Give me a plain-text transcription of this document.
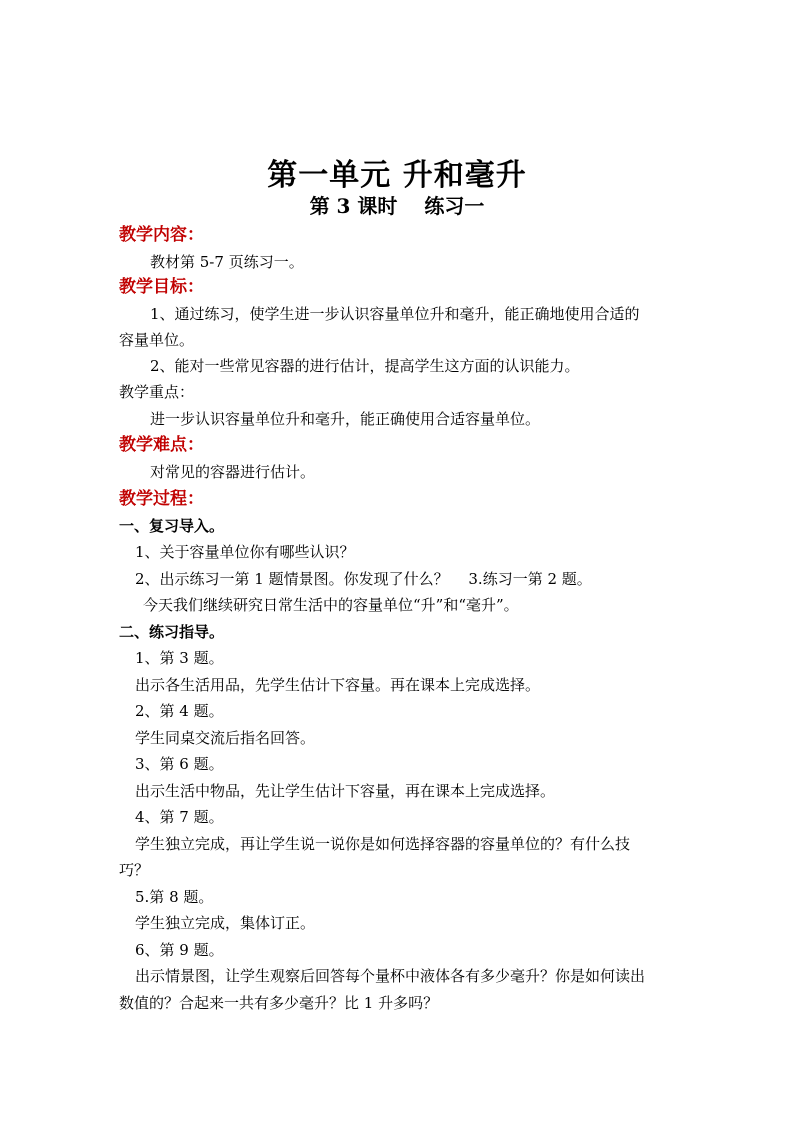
第一单元 升和毫升
第 3 课时　 练习一
教学内容：
教材第 5-7 页练习一。
教学目标：
1、通过练习，使学生进一步认识容量单位升和毫升，能正确地使用合适的
容量单位。
2、能对一些常见容器的进行估计，提高学生这方面的认识能力。
教学重点：
进一步认识容量单位升和毫升，能正确使用合适容量单位。
教学难点：
对常见的容器进行估计。
教学过程：
一、复习导入。
1、关于容量单位你有哪些认识？
2、出示练习一第 1 题情景图。你发现了什么？　 3.练习一第 2 题。
今天我们继续研究日常生活中的容量单位“升”和“毫升”。
二、练习指导。
1、第 3 题。
出示各生活用品，先学生估计下容量。再在课本上完成选择。
2、第 4 题。
学生同桌交流后指名回答。
3、第 6 题。
出示生活中物品，先让学生估计下容量，再在课本上完成选择。
4、第 7 题。
学生独立完成，再让学生说一说你是如何选择容器的容量单位的？有什么技
巧？
5.第 8 题。
学生独立完成，集体订正。
6、第 9 题。
出示情景图，让学生观察后回答每个量杯中液体各有多少毫升？你是如何读出
数值的？合起来一共有多少毫升？比 1 升多吗？
